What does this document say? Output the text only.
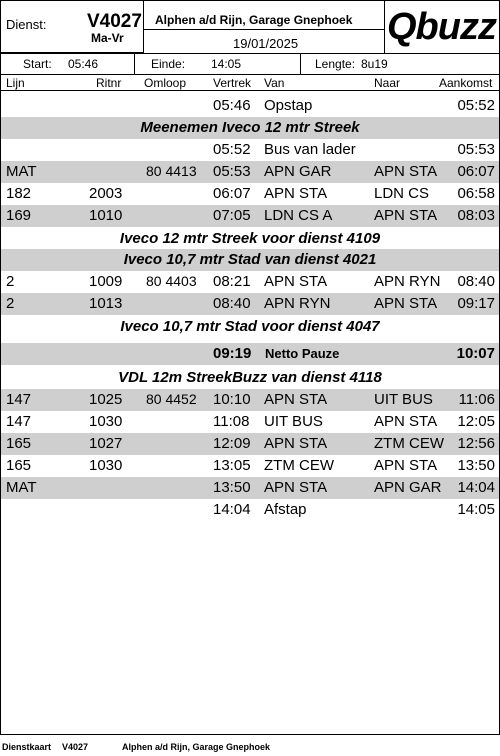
Dienst: V4027
Ma-Vr
Alphen a/d Rijn, Garage Gnephoek
19/01/2025 Qbuzz
Start: 05:46	Einde: 14:05	Lengte: 8u19
Lijn	Ritnr Omloop Vertrek Van	Naar	Aankomst
05:46 Opstap	05:52
Meenemen Iveco 12 mtr Streek
05:52 Bus van lader	05:53
MAT	80 4413 05:53 APN GAR	APN STA 06:07
182	2003	06:07 APN STA	LDN CS 06:58
169	1010	07:05 LDN CS A	APN STA 08:03
Iveco 12 mtr Streek voor dienst 4109
Iveco 10,7 mtr Stad van dienst 4021
2	1009 80 4403 08:21 APN STA	APN RYN 08:40
2	1013	08:40 APN RYN	APN STA 09:17
Iveco 10,7 mtr Stad voor dienst 4047
09:19 Netto Pauze	10:07
VDL 12m StreekBuzz van dienst 4118
147	1025 80 4452 10:10 APN STA	UIT BUS 11:06
147	1030	11:08 UIT BUS	APN STA 12:05
165	1027	12:09 APN STA	ZTM CEW 12:56
165	1030	13:05 ZTM CEW	APN STA 13:50
MAT	13:50 APN STA	APN GAR 14:04
14:04 Afstap	14:05
Dienstkaart V4027	Alphen a/d Rijn, Garage Gnephoek
